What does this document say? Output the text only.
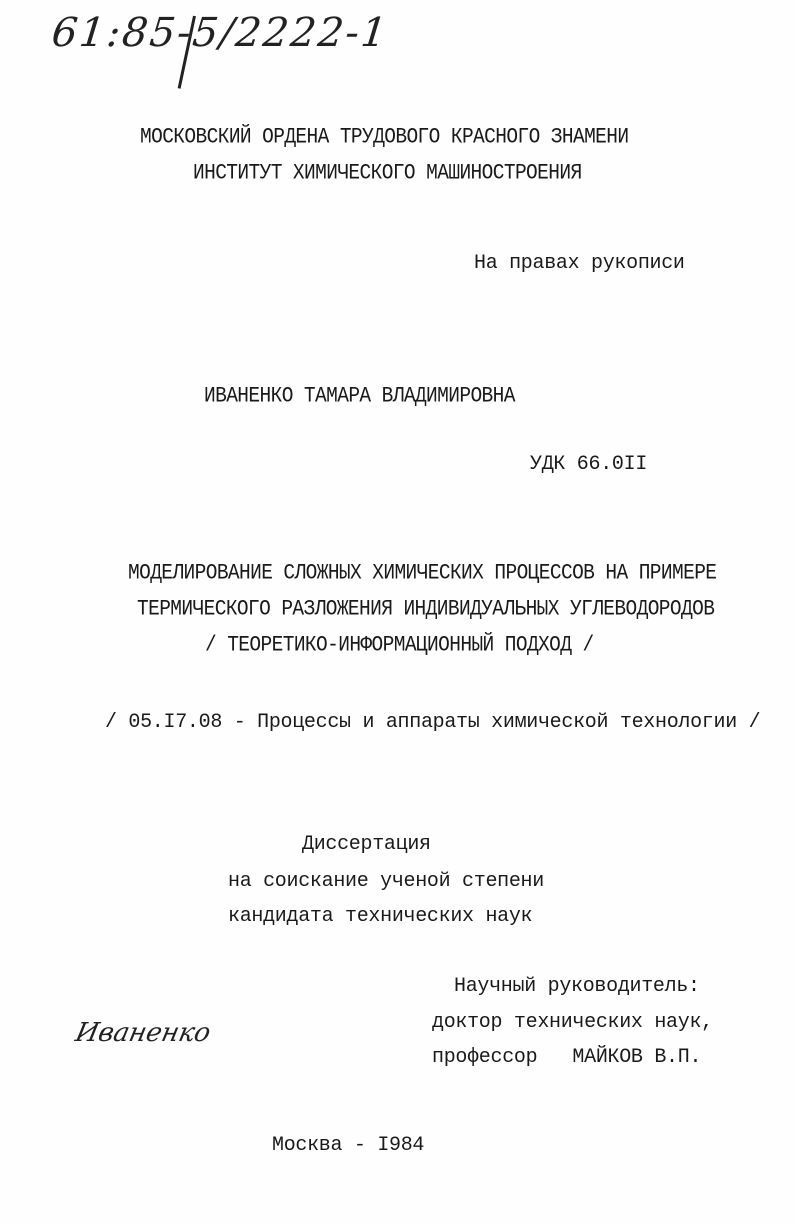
61:85-5/2222-1
МОСКОВСКИЙ ОРДЕНА ТРУДОВОГО КРАСНОГО ЗНАМЕНИ
ИНСТИТУТ ХИМИЧЕСКОГО МАШИНОСТРОЕНИЯ
На правах рукописи
ИВАНЕНКО ТАМАРА ВЛАДИМИРОВНА
УДК 66.0II
МОДЕЛИРОВАНИЕ СЛОЖНЫХ ХИМИЧЕСКИХ ПРОЦЕССОВ НА ПРИМЕРЕ
ТЕРМИЧЕСКОГО РАЗЛОЖЕНИЯ ИНДИВИДУАЛЬНЫХ УГЛЕВОДОРОДОВ
/ ТЕОРЕТИКО-ИНФОРМАЦИОННЫЙ ПОДХОД /
/ 05.I7.08 - Процессы и аппараты химической технологии /
Диссертация
на соискание ученой степени
кандидата технических наук
Научный руководитель:
доктор технических наук,
профессор   МАЙКОВ В.П.
Иваненко
Москва - I984
